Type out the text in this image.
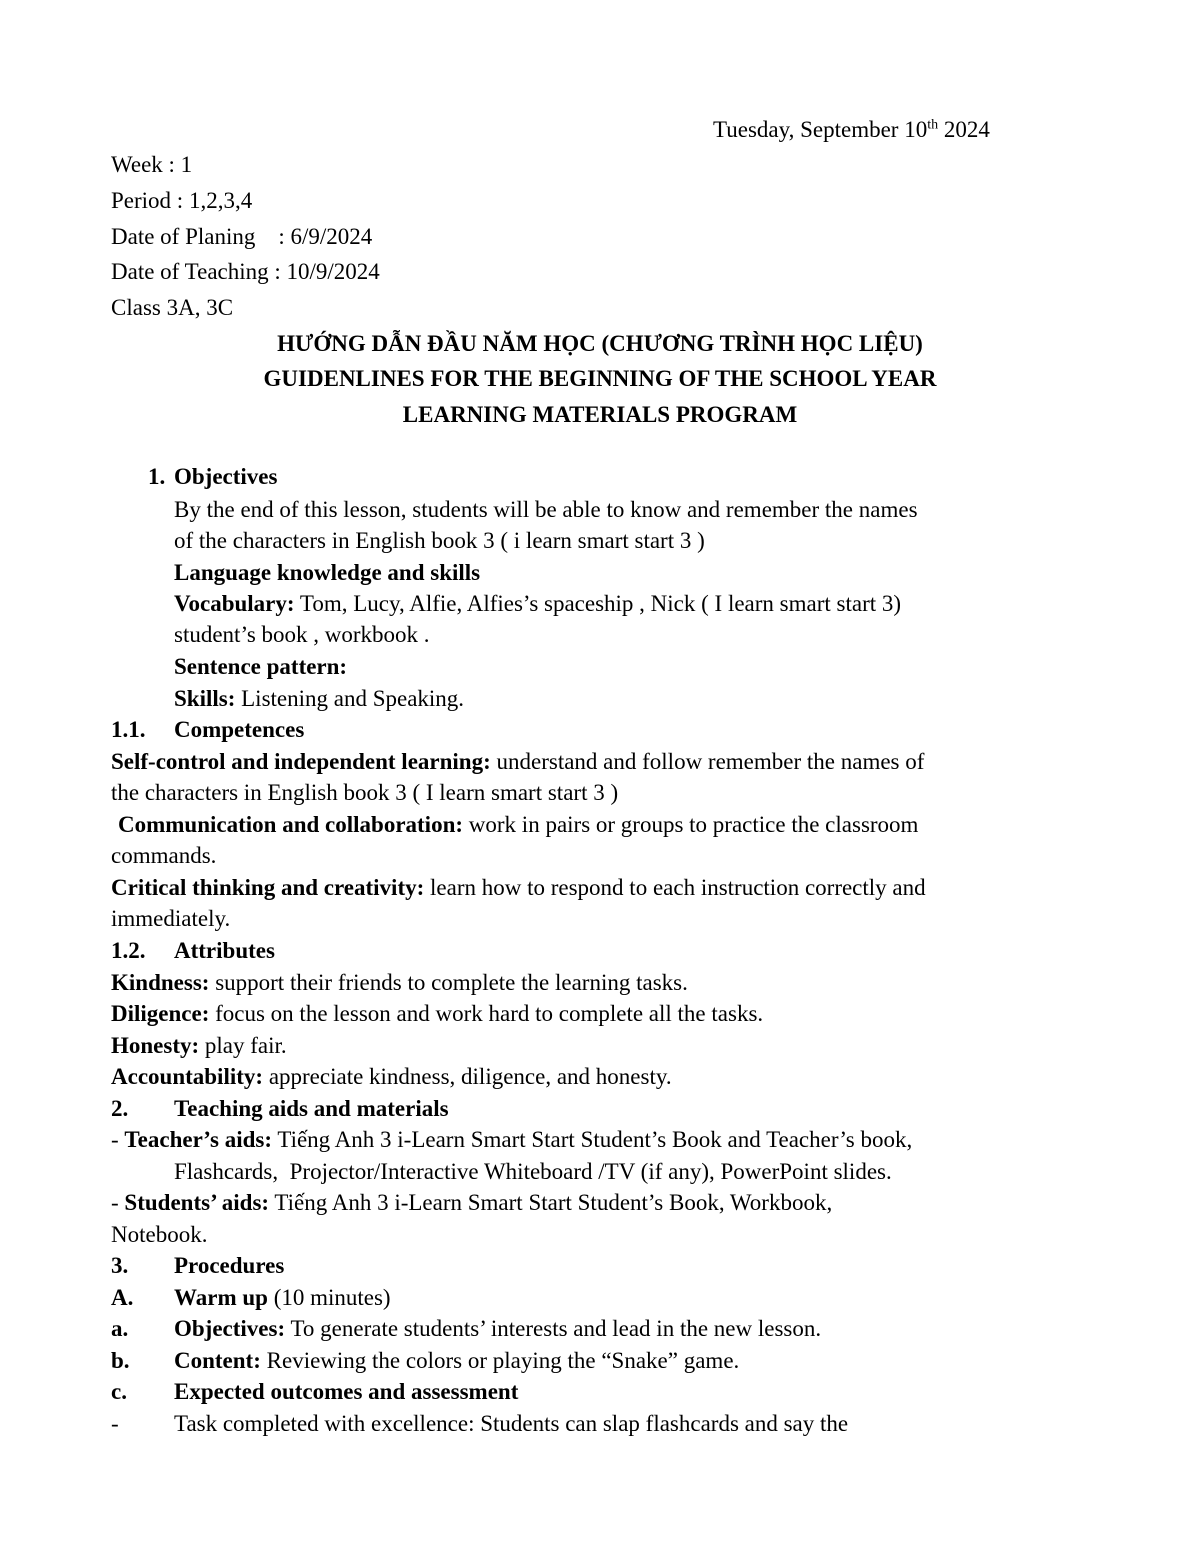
Tuesday, September 10th 2024
Week : 1
Period : 1,2,3,4
Date of Planing    : 6/9/2024
Date of Teaching : 10/9/2024
Class 3A, 3C
HƯỚNG DẪN ĐẦU NĂM HỌC (CHƯƠNG TRÌNH HỌC LIỆU)
GUIDENLINES FOR THE BEGINNING OF THE SCHOOL YEAR
LEARNING MATERIALS PROGRAM
1. Objectives
By the end of this lesson, students will be able to know and remember the names
of the characters in English book 3 ( i learn smart start 3 )
Language knowledge and skills
Vocabulary: Tom, Lucy, Alfie, Alfies’s spaceship , Nick ( I learn smart start 3)
student’s book , workbook .
Sentence pattern:
Skills: Listening and Speaking.
1.1. Competences
Self-control and independent learning: understand and follow remember the names of
the characters in English book 3 ( I learn smart start 3 )
Communication and collaboration: work in pairs or groups to practice the classroom
commands.
Critical thinking and creativity: learn how to respond to each instruction correctly and
immediately.
1.2. Attributes
Kindness: support their friends to complete the learning tasks.
Diligence: focus on the lesson and work hard to complete all the tasks.
Honesty: play fair.
Accountability: appreciate kindness, diligence, and honesty.
2. Teaching aids and materials
- Teacher’s aids: Tiếng Anh 3 i-Learn Smart Start Student’s Book and Teacher’s book,
Flashcards,  Projector/Interactive Whiteboard /TV (if any), PowerPoint slides.
- Students’ aids: Tiếng Anh 3 i-Learn Smart Start Student’s Book, Workbook,
Notebook.
3. Procedures
A. Warm up (10 minutes)
a. Objectives: To generate students’ interests and lead in the new lesson.
b. Content: Reviewing the colors or playing the “Snake” game.
c. Expected outcomes and assessment
- Task completed with excellence: Students can slap flashcards and say the
